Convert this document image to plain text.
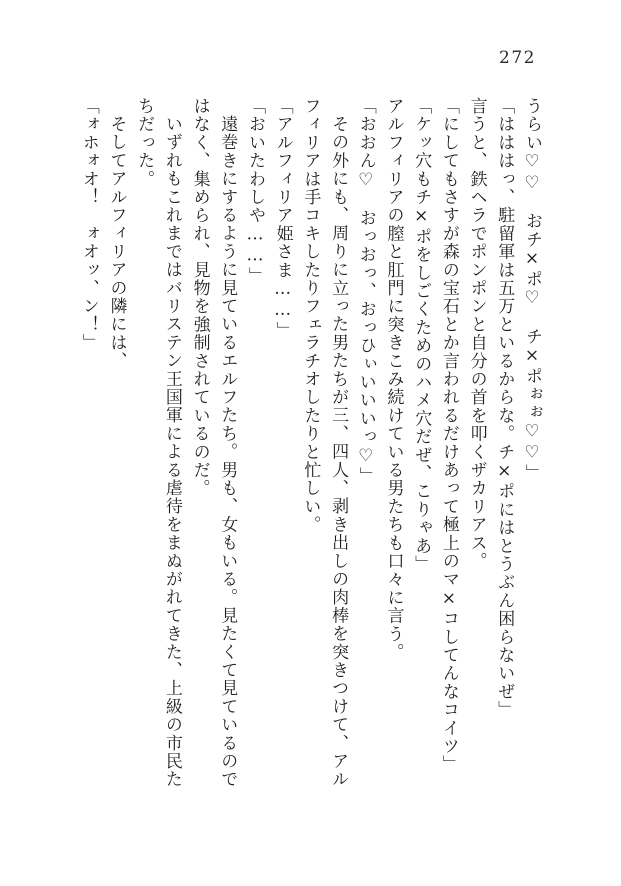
272

うらい♡♡　おチ×ポ♡　チ×ポぉぉ♡♡」

「はははっ、駐留軍は五万といるからな。チ×ポにはとうぶん困らないぜ」

言うと、鉄ヘラでポンポンと自分の首を叩くザカリアス。

「にしてもさすが森の宝石とか言われるだけあって極上のマ×コしてんなコイツ」

「ケッ穴もチ×ポをしごくためのハメ穴だぜ、こりゃあ」

アルフィリアの膣と肛門に突きこみ続けている男たちも口々に言う。

「おおん♡　おっおっ、おっひぃいいいっ♡」

その外にも、周りに立った男たちが三、四人、剥き出しの肉棒を突きつけて、アル

フィリアは手コキしたりフェラチオしたりと忙しい。

「アルフィリア姫さま……」

「おいたわしや……」

遠巻きにするように見ているエルフたち。男も、女もいる。見たくて見ているので

はなく、集められ、見物を強制されているのだ。

いずれもこれまではバリステン王国軍による虐待をまぬがれてきた、上級の市民た

ちだった。

そしてアルフィリアの隣には、

「ォホォオ！　ォオッ、ン！」
